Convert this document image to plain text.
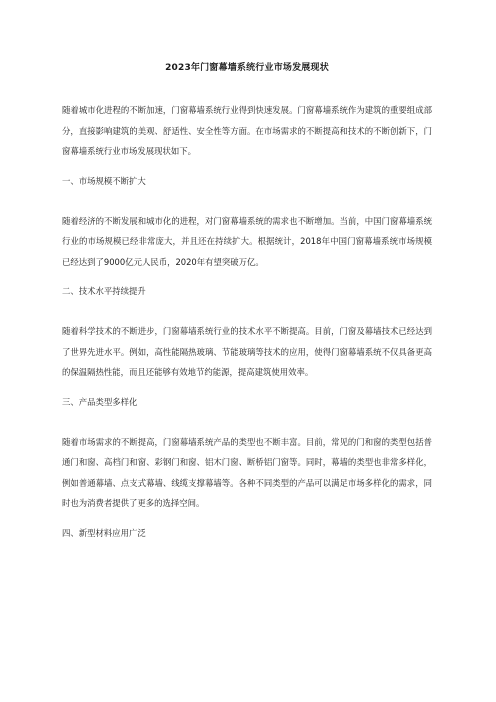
2023年门窗幕墙系统行业市场发展现状

随着城市化进程的不断加速，门窗幕墙系统行业得到快速发展。门窗幕墙系统作为建筑的重要组成部分，直接影响建筑的美观、舒适性、安全性等方面。在市场需求的不断提高和技术的不断创新下，门窗幕墙系统行业市场发展现状如下。

一、市场规模不断扩大

随着经济的不断发展和城市化的进程，对门窗幕墙系统的需求也不断增加。当前，中国门窗幕墙系统行业的市场规模已经非常庞大，并且还在持续扩大。根据统计，2018年中国门窗幕墙系统市场规模已经达到了9000亿元人民币，2020年有望突破万亿。

二、技术水平持续提升

随着科学技术的不断进步，门窗幕墙系统行业的技术水平不断提高。目前，门窗及幕墙技术已经达到了世界先进水平。例如，高性能隔热玻璃、节能玻璃等技术的应用，使得门窗幕墙系统不仅具备更高的保温隔热性能，而且还能够有效地节约能源，提高建筑使用效率。

三、产品类型多样化

随着市场需求的不断提高，门窗幕墙系统产品的类型也不断丰富。目前，常见的门和窗的类型包括普通门和窗、高档门和窗、彩钢门和窗、铝木门窗、断桥铝门窗等。同时，幕墙的类型也非常多样化，例如普通幕墙、点支式幕墙、线缆支撑幕墙等。各种不同类型的产品可以满足市场多样化的需求，同时也为消费者提供了更多的选择空间。

四、新型材料应用广泛
